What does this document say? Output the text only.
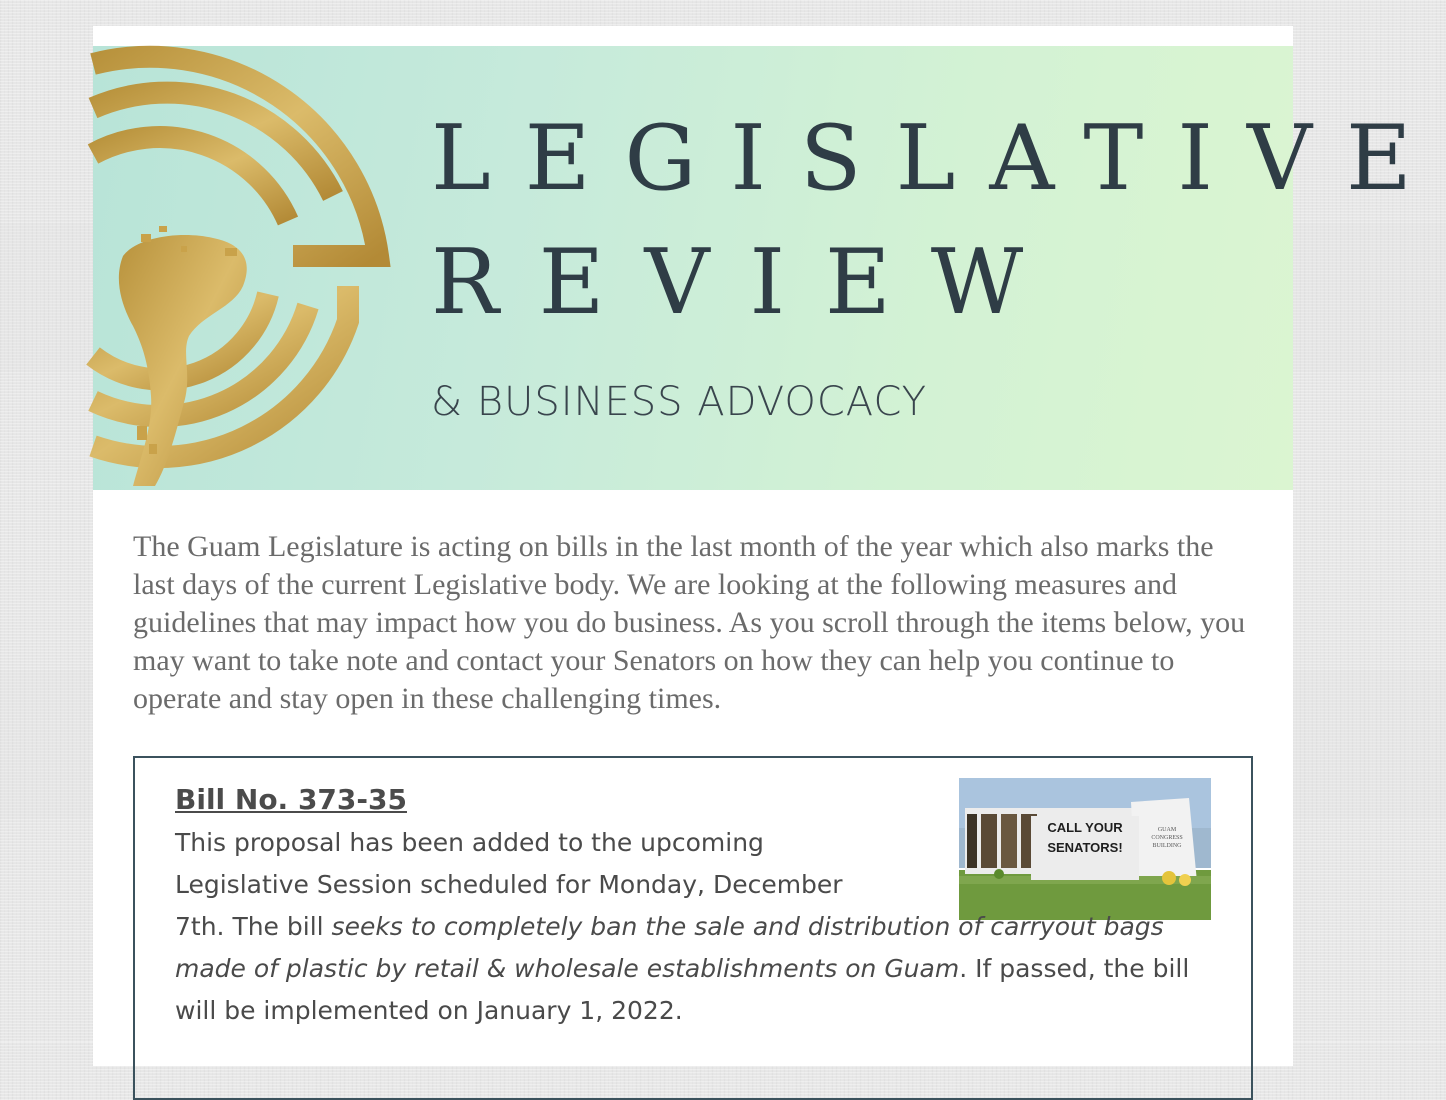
LEGISLATIVE
REVIEW

& BUSINESS ADVOCACY

The Guam Legislature is acting on bills in the last month of the year which also marks the last days of the current Legislative body. We are looking at the following measures and guidelines that may impact how you do business. As you scroll through the items below, you may want to take note and contact your Senators on how they can help you continue to operate and stay open in these challenging times.

Bill No. 373-35
CALL YOUR SENATORS!
GUAM CONGRESS BUILDING

This proposal has been added to the upcoming
Legislative Session scheduled for Monday, December
7th. The bill seeks to completely ban the sale and distribution of carryout bags made of plastic by retail & wholesale establishments on Guam. If passed, the bill will be implemented on January 1, 2022.
